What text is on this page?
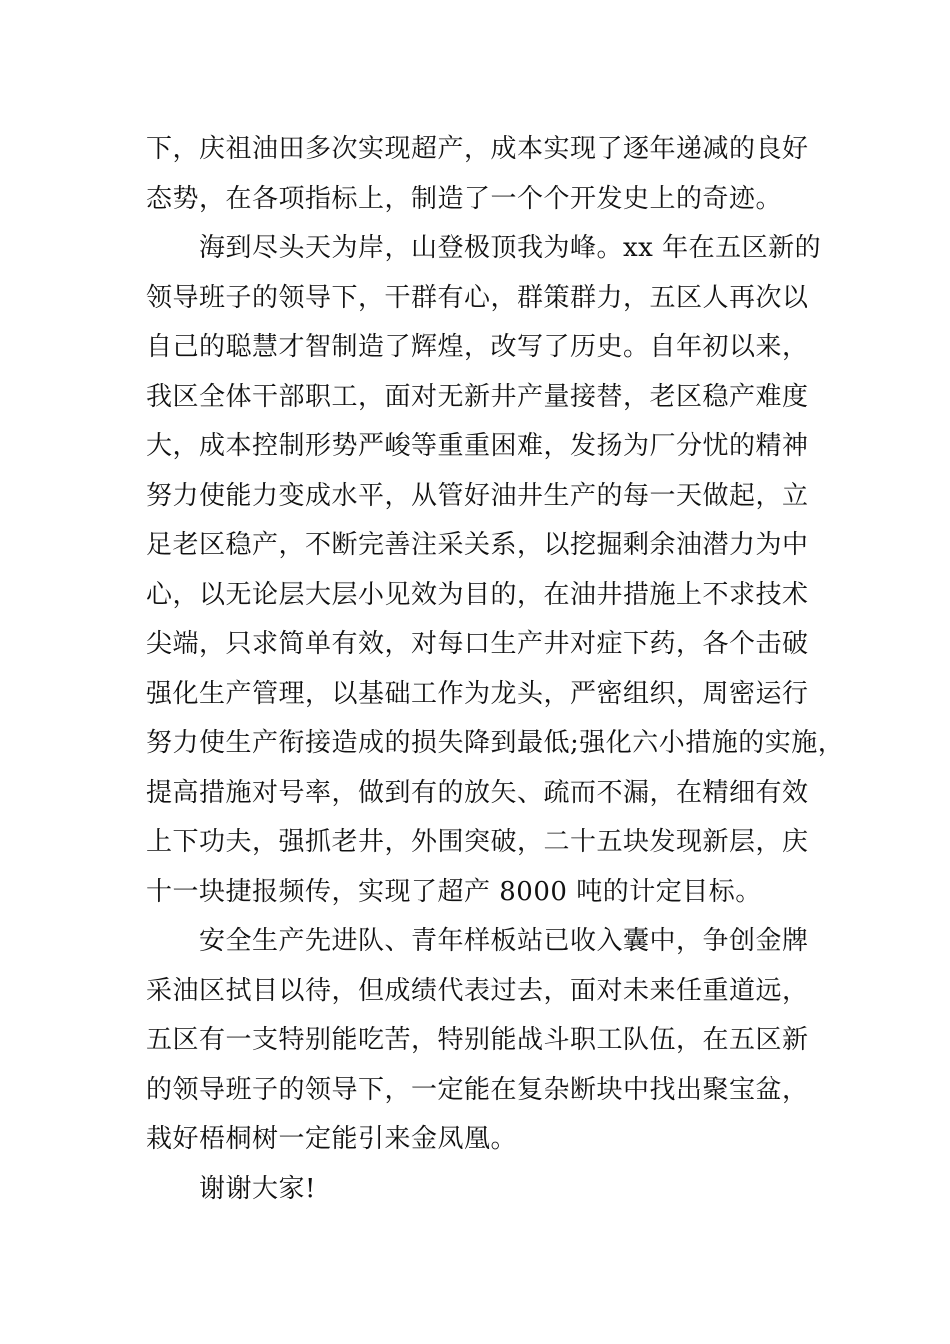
下，庆祖油田多次实现超产，成本实现了逐年递减的良好
态势，在各项指标上，制造了一个个开发史上的奇迹。
海到尽头天为岸，山登极顶我为峰。xx 年在五区新的
领导班子的领导下，干群有心，群策群力，五区人再次以
自己的聪慧才智制造了辉煌，改写了历史。自年初以来，
我区全体干部职工，面对无新井产量接替，老区稳产难度
大，成本控制形势严峻等重重困难，发扬为厂分忧的精神
努力使能力变成水平，从管好油井生产的每一天做起，立
足老区稳产，不断完善注采关系，以挖掘剩余油潜力为中
心，以无论层大层小见效为目的，在油井措施上不求技术
尖端，只求简单有效，对每口生产井对症下药，各个击破
强化生产管理，以基础工作为龙头，严密组织，周密运行
努力使生产衔接造成的损失降到最低;强化六小措施的实施，
提高措施对号率，做到有的放矢、疏而不漏，在精细有效
上下功夫，强抓老井，外围突破，二十五块发现新层，庆
十一块捷报频传，实现了超产 8000 吨的计定目标。
安全生产先进队、青年样板站已收入囊中，争创金牌
采油区拭目以待，但成绩代表过去，面对未来任重道远，
五区有一支特别能吃苦，特别能战斗职工队伍，在五区新
的领导班子的领导下，一定能在复杂断块中找出聚宝盆，
栽好梧桐树一定能引来金凤凰。
谢谢大家!
